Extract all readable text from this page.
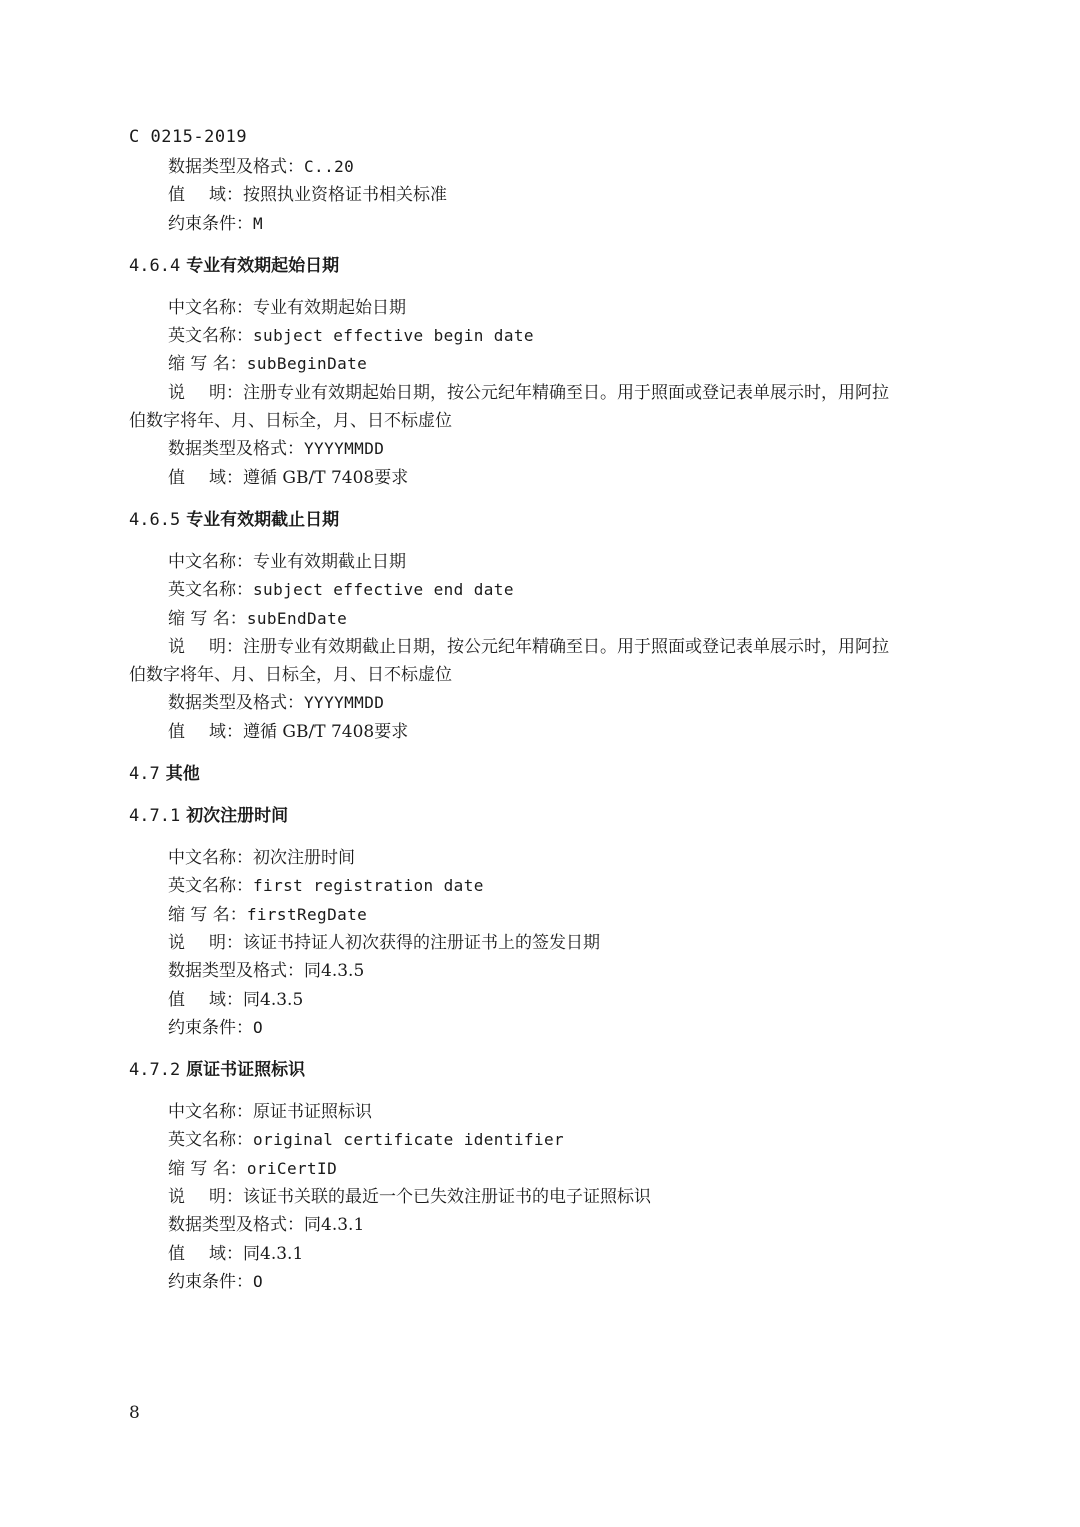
C 0215-2019
数据类型及格式：C..20
值 域：按照执业资格证书相关标准
约束条件：M
4.6.4 专业有效期起始日期
中文名称：专业有效期起始日期
英文名称：subject effective begin date
缩 写 名：subBeginDate
说 明：注册专业有效期起始日期，按公元纪年精确至日。用于照面或登记表单展示时，用阿拉
伯数字将年、月、日标全，月、日不标虚位
数据类型及格式：YYYYMMDD
值 域：遵循 GB/T 7408要求
4.6.5 专业有效期截止日期
中文名称：专业有效期截止日期
英文名称：subject effective end date
缩 写 名：subEndDate
说 明：注册专业有效期截止日期，按公元纪年精确至日。用于照面或登记表单展示时，用阿拉
伯数字将年、月、日标全，月、日不标虚位
数据类型及格式：YYYYMMDD
值 域：遵循 GB/T 7408要求
4.7 其他
4.7.1 初次注册时间
中文名称：初次注册时间
英文名称：first registration date
缩 写 名：firstRegDate
说 明：该证书持证人初次获得的注册证书上的签发日期
数据类型及格式：同4.3.5
值 域：同4.3.5
约束条件：O
4.7.2 原证书证照标识
中文名称：原证书证照标识
英文名称：original certificate identifier
缩 写 名：oriCertID
说 明：该证书关联的最近一个已失效注册证书的电子证照标识
数据类型及格式：同4.3.1
值 域：同4.3.1
约束条件：O
8
